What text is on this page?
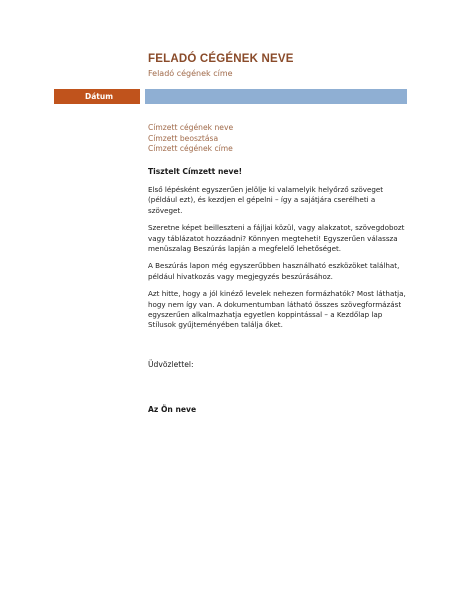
FELADÓ CÉGÉNEK NEVE
Feladó cégének címe
Dátum
Címzett cégének neve
Címzett beosztása
Címzett cégének címe
Tisztelt Címzett neve!

Első lépésként egyszerűen jelölje ki valamelyik helyőrző szöveget (például ezt), és kezdjen el gépelni – így a sajátjára cserélheti a szöveget.

Szeretne képet beilleszteni a fájljai közül, vagy alakzatot, szövegdobozt vagy táblázatot hozzáadni? Könnyen megteheti! Egyszerűen válassza menüszalag Beszúrás lapján a megfelelő lehetőséget.

A Beszúrás lapon még egyszerűbben használható eszközöket találhat, például hivatkozás vagy megjegyzés beszúrásához.

Azt hitte, hogy a jól kinéző levelek nehezen formázhatók? Most láthatja, hogy nem így van. A dokumentumban látható összes szövegformázást egyszerűen alkalmazhatja egyetlen koppintással – a Kezdőlap lap Stílusok gyűjteményében találja őket.

Üdvözlettel:
Az Ön neve
